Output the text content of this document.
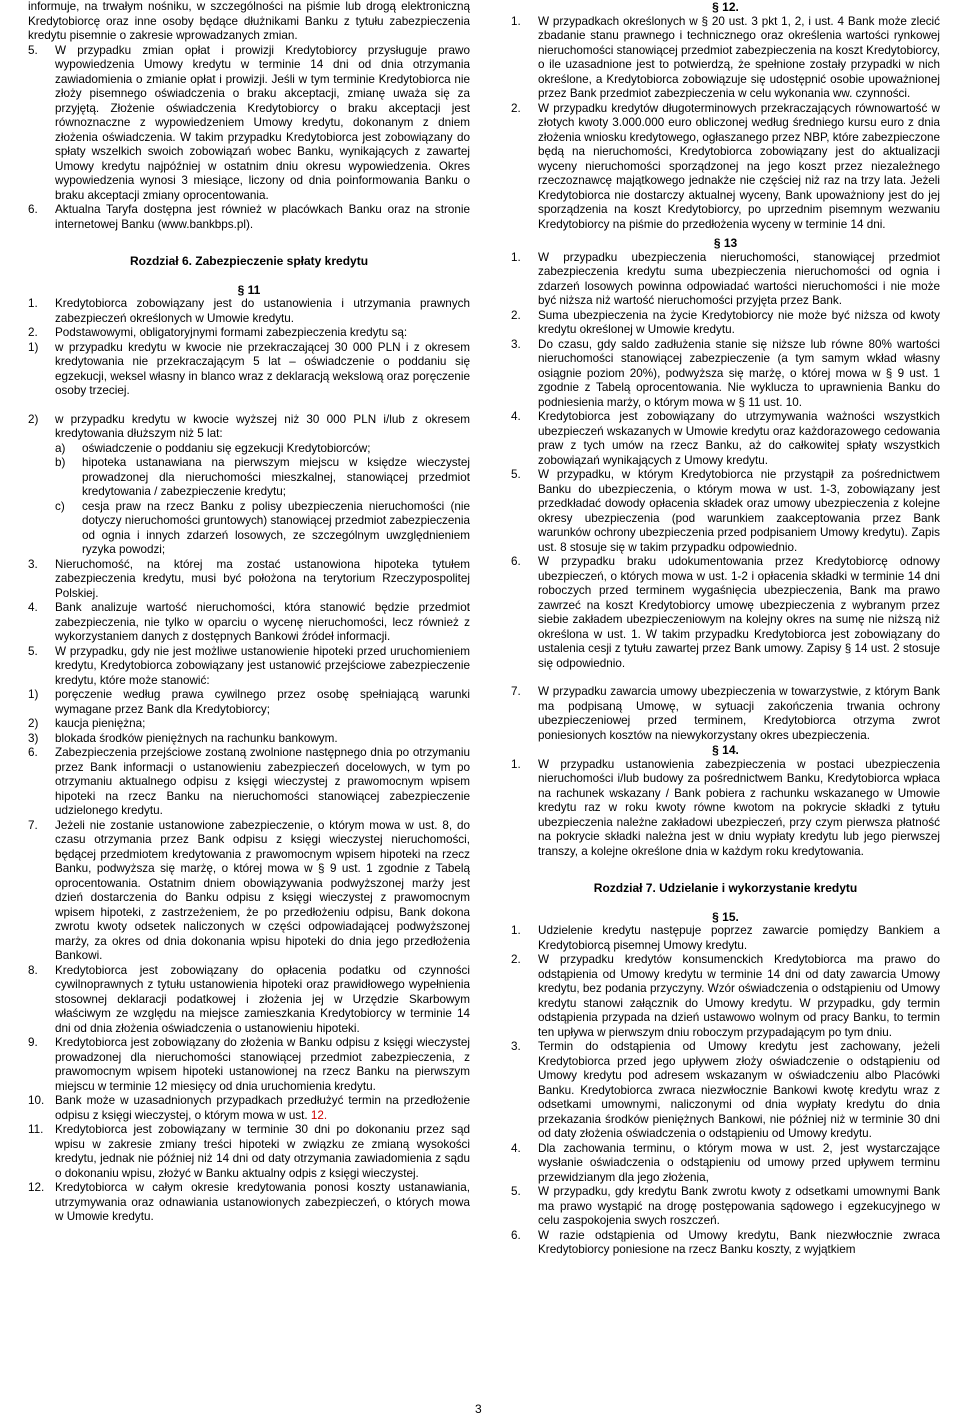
informuje, na trwałym nośniku, w szczególności na piśmie lub drogą elektroniczną Kredytobiorcę oraz inne osoby będące dłużnikami Banku z tytułu zabezpieczenia kredytu pisemnie o zakresie wprowadzanych zmian.
5. W przypadku zmian opłat i prowizji Kredytobiorcy przysługuje prawo wypowiedzenia Umowy kredytu w terminie 14 dni od dnia otrzymania zawiadomienia o zmianie opłat i prowizji. Jeśli w tym terminie Kredytobiorca nie złoży pisemnego oświadczenia o braku akceptacji, zmianę uważa się za przyjętą. Złożenie oświadczenia Kredytobiorcy o braku akceptacji jest równoznaczne z wypowiedzeniem Umowy kredytu, dokonanym z dniem złożenia oświadczenia. W takim przypadku Kredytobiorca jest zobowiązany do spłaty wszelkich swoich zobowiązań wobec Banku, wynikających z zawartej Umowy kredytu najpóźniej w ostatnim dniu okresu wypowiedzenia. Okres wypowiedzenia wynosi 3 miesiące, liczony od dnia poinformowania Banku o braku akceptacji zmiany oprocentowania.
6. Aktualna Taryfa dostępna jest również w placówkach Banku oraz na stronie internetowej Banku (www.bankbps.pl).
Rozdział 6. Zabezpieczenie spłaty kredytu
§ 11
1. Kredytobiorca zobowiązany jest do ustanowienia i utrzymania prawnych zabezpieczeń określonych w Umowie kredytu.
2. Podstawowymi, obligatoryjnymi formami zabezpieczenia kredytu są:
1) w przypadku kredytu w kwocie nie przekraczającej 30 000 PLN i z okresem kredytowania nie przekraczającym 5 lat – oświadczenie o poddaniu się egzekucji, weksel własny in blanco wraz z deklaracją wekslową oraz poręczenie osoby trzeciej.
2) w przypadku kredytu w kwocie wyższej niż 30 000 PLN i/lub z okresem kredytowania dłuższym niż 5 lat:
a) oświadczenie o poddaniu się egzekucji Kredytobiorców;
b) hipoteka ustanawiana na pierwszym miejscu w księdze wieczystej prowadzonej dla nieruchomości mieszkalnej, stanowiącej przedmiot kredytowania / zabezpieczenie kredytu;
c) cesja praw na rzecz Banku z polisy ubezpieczenia nieruchomości (nie dotyczy nieruchomości gruntowych) stanowiącej przedmiot zabezpieczenia od ognia i innych zdarzeń losowych, ze szczególnym uwzględnieniem ryzyka powodzi;
3. Nieruchomość, na której ma zostać ustanowiona hipoteka tytułem zabezpieczenia kredytu, musi być położona na terytorium Rzeczypospolitej Polskiej.
4. Bank analizuje wartość nieruchomości, która stanowić będzie przedmiot zabezpieczenia, nie tylko w oparciu o wycenę nieruchomości, lecz również z wykorzystaniem danych z dostępnych Bankowi źródeł informacji.
5. W przypadku, gdy nie jest możliwe ustanowienie hipoteki przed uruchomieniem kredytu, Kredytobiorca zobowiązany jest ustanowić przejściowe zabezpieczenie kredytu, które może stanowić:
1) poręczenie według prawa cywilnego przez osobę spełniającą warunki wymagane przez Bank dla Kredytobiorcy;
2) kaucja pieniężna;
3) blokada środków pieniężnych na rachunku bankowym.
6. Zabezpieczenia przejściowe zostaną zwolnione następnego dnia po otrzymaniu przez Bank informacji o ustanowieniu zabezpieczeń docelowych, w tym po otrzymaniu aktualnego odpisu z księgi wieczystej z prawomocnym wpisem hipoteki na rzecz Banku na nieruchomości stanowiącej zabezpieczenie udzielonego kredytu.
7. Jeżeli nie zostanie ustanowione zabezpieczenie, o którym mowa w ust. 8, do czasu otrzymania przez Bank odpisu z księgi wieczystej nieruchomości, będącej przedmiotem kredytowania z prawomocnym wpisem hipoteki na rzecz Banku, podwyższa się marżę, o której mowa w § 9 ust. 1 zgodnie z Tabelą oprocentowania. Ostatnim dniem obowiązywania podwyższonej marży jest dzień dostarczenia do Banku odpisu z księgi wieczystej z prawomocnym wpisem hipoteki, z zastrzeżeniem, że po przedłożeniu odpisu, Bank dokona zwrotu kwoty odsetek naliczonych w części odpowiadającej podwyższonej marży, za okres od dnia dokonania wpisu hipoteki do dnia jego przedłożenia Bankowi.
8. Kredytobiorca jest zobowiązany do opłacenia podatku od czynności cywilnoprawnych z tytułu ustanowienia hipoteki oraz prawidłowego wypełnienia stosownej deklaracji podatkowej i złożenia jej w Urzędzie Skarbowym właściwym ze względu na miejsce zamieszkania Kredytobiorcy w terminie 14 dni od dnia złożenia oświadczenia o ustanowieniu hipoteki.
9. Kredytobiorca jest zobowiązany do złożenia w Banku odpisu z księgi wieczystej prowadzonej dla nieruchomości stanowiącej przedmiot zabezpieczenia, z prawomocnym wpisem hipoteki ustanowionej na rzecz Banku na pierwszym miejscu w terminie 12 miesięcy od dnia uruchomienia kredytu.
10. Bank może w uzasadnionych przypadkach przedłużyć termin na przedłożenie odpisu z księgi wieczystej, o którym mowa w ust. 12.
11. Kredytobiorca jest zobowiązany w terminie 30 dni po dokonaniu przez sąd wpisu w zakresie zmiany treści hipoteki w związku ze zmianą wysokości kredytu, jednak nie później niż 14 dni od daty otrzymania zawiadomienia z sądu o dokonaniu wpisu, złożyć w Banku aktualny odpis z księgi wieczystej.
12. Kredytobiorca w całym okresie kredytowania ponosi koszty ustanawiania, utrzymywania oraz odnawiania ustanowionych zabezpieczeń, o których mowa w Umowie kredytu.
§ 12.
1. W przypadkach określonych w § 20 ust. 3 pkt 1, 2, i ust. 4 Bank może zlecić zbadanie stanu prawnego i technicznego oraz określenia wartości rynkowej nieruchomości stanowiącej przedmiot zabezpieczenia na koszt Kredytobiorcy, o ile uzasadnione jest to potwierdzą, że spełnione zostały przypadki w nich określone, a Kredytobiorca zobowiązuje się udostępnić osobie upoważnionej przez Bank przedmiot zabezpieczenia w celu wykonania ww. czynności.
2. W przypadku kredytów długoterminowych przekraczających równowartość w złotych kwoty 3.000.000 euro obliczonej według średniego kursu euro z dnia złożenia wniosku kredytowego, ogłaszanego przez NBP, które zabezpieczone będą na nieruchomości, Kredytobiorca zobowiązany jest do aktualizacji wyceny nieruchomości sporządzonej na jego koszt przez niezależnego rzeczoznawcę majątkowego jednakże nie częściej niż raz na trzy lata. Jeżeli Kredytobiorca nie dostarczy aktualnej wyceny, Bank upoważniony jest do jej sporządzenia na koszt Kredytobiorcy, po uprzednim pisemnym wezwaniu Kredytobiorcy na piśmie do przedłożenia wyceny w terminie 14 dni.
§ 13
1. W przypadku ubezpieczenia nieruchomości, stanowiącej przedmiot zabezpieczenia kredytu suma ubezpieczenia nieruchomości od ognia i zdarzeń losowych powinna odpowiadać wartości nieruchomości i nie może być niższa niż wartość nieruchomości przyjęta przez Bank.
2. Suma ubezpieczenia na życie Kredytobiorcy nie może być niższa od kwoty kredytu określonej w Umowie kredytu.
3. Do czasu, gdy saldo zadłużenia stanie się niższe lub równe 80% wartości nieruchomości stanowiącej zabezpieczenie (a tym samym wkład własny osiągnie poziom 20%), podwyższa się marżę, o której mowa w § 9 ust. 1 zgodnie z Tabelą oprocentowania. Nie wyklucza to uprawnienia Banku do podniesienia marży, o którym mowa w § 11 ust. 10.
4. Kredytobiorca jest zobowiązany do utrzymywania ważności wszystkich ubezpieczeń wskazanych w Umowie kredytu oraz każdorazowego cedowania praw z tych umów na rzecz Banku, aż do całkowitej spłaty wszystkich zobowiązań wynikających z Umowy kredytu.
5. W przypadku, w którym Kredytobiorca nie przystąpił za pośrednictwem Banku do ubezpieczenia, o którym mowa w ust. 1-3, zobowiązany jest przedkładać dowody opłacenia składek oraz umowy ubezpieczenia z kolejne okresy ubezpieczenia (pod warunkiem zaakceptowania przez Bank warunków ochrony ubezpieczenia przed podpisaniem Umowy kredytu). Zapis ust. 8 stosuje się w takim przypadku odpowiednio.
6. W przypadku braku udokumentowania przez Kredytobiorcę odnowy ubezpieczeń, o których mowa w ust. 1-2 i opłacenia składki w terminie 14 dni roboczych przed terminem wygaśnięcia ubezpieczenia, Bank ma prawo zawrzeć na koszt Kredytobiorcy umowę ubezpieczenia z wybranym przez siebie zakładem ubezpieczeniowym na kolejny okres na sumę nie niższą niż określona w ust. 1. W takim przypadku Kredytobiorca jest zobowiązany do ustalenia cesji z tytułu zawartej przez Bank umowy. Zapisy § 14 ust. 2 stosuje się odpowiednio.
7. W przypadku zawarcia umowy ubezpieczenia w towarzystwie, z którym Bank ma podpisaną Umowę, w sytuacji zakończenia trwania ochrony ubezpieczeniowej przed terminem, Kredytobiorca otrzyma zwrot poniesionych kosztów na niewykorzystany okres ubezpieczenia.
§ 14.
1. W przypadku ustanowienia zabezpieczenia w postaci ubezpieczenia nieruchomości i/lub budowy za pośrednictwem Banku, Kredytobiorca wpłaca na rachunek wskazany / Bank pobiera z rachunku wskazanego w Umowie kredytu raz w roku kwoty równe kwotom na pokrycie składki z tytułu ubezpieczenia należne zakładowi ubezpieczeń, przy czym pierwsza płatność na pokrycie składki należna jest w dniu wypłaty kredytu lub jego pierwszej transzy, a kolejne określone dnia w każdym roku kredytowania.
Rozdział 7. Udzielanie i wykorzystanie kredytu
§ 15.
1. Udzielenie kredytu następuje poprzez zawarcie pomiędzy Bankiem a Kredytobiorcą pisemnej Umowy kredytu.
2. W przypadku kredytów konsumenckich Kredytobiorca ma prawo do odstąpienia od Umowy kredytu w terminie 14 dni od daty zawarcia Umowy kredytu, bez podania przyczyny. Wzór oświadczenia o odstąpieniu od Umowy kredytu stanowi załącznik do Umowy kredytu. W przypadku, gdy termin odstąpienia przypada na dzień ustawowo wolnym od pracy Banku, to termin ten upływa w pierwszym dniu roboczym przypadającym po tym dniu.
3. Termin do odstąpienia od Umowy kredytu jest zachowany, jeżeli Kredytobiorca przed jego upływem złoży oświadczenie o odstąpieniu od Umowy kredytu pod adresem wskazanym w oświadczeniu albo Placówki Banku. Kredytobiorca zwraca niezwłocznie Bankowi kwotę kredytu wraz z odsetkami umownymi, naliczonymi od dnia wypłaty kredytu do dnia przekazania środków pieniężnych Bankowi, nie później niż w terminie 30 dni od daty złożenia oświadczenia o odstąpieniu od Umowy kredytu.
4. Dla zachowania terminu, o którym mowa w ust. 2, jest wystarczające wysłanie oświadczenia o odstąpieniu od umowy przed upływem terminu przewidzianym dla jego złożenia,
5. W przypadku, gdy kredytu Bank zwrotu kwoty z odsetkami umownymi Bank ma prawo wystąpić na drogę postępowania sądowego i egzekucyjnego w celu zaspokojenia swych roszczeń.
6. W razie odstąpienia od Umowy kredytu, Bank niezwłocznie zwraca Kredytobiorcy poniesione na rzecz Banku koszty, z wyjątkiem
3
